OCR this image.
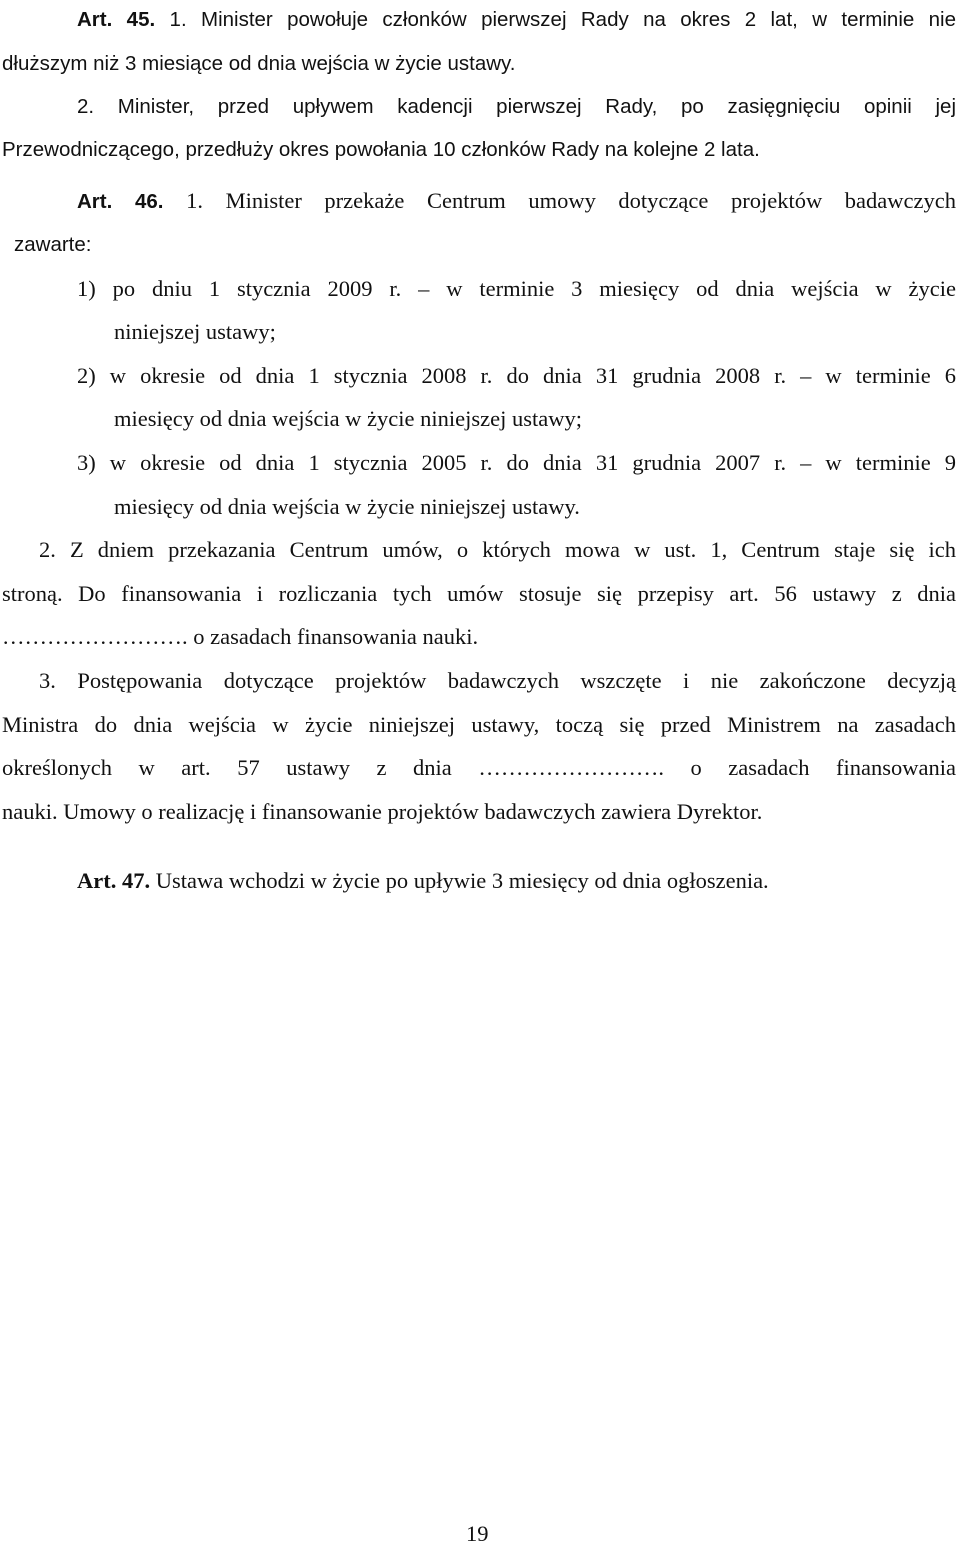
Art. 45. 1. Minister powołuje członków pierwszej Rady na okres 2 lat, w terminie nie
dłuższym niż 3 miesiące od dnia wejścia w życie ustawy.
2. Minister, przed upływem kadencji pierwszej Rady, po zasięgnięciu opinii jej
Przewodniczącego, przedłuży okres powołania 10 członków Rady na kolejne 2 lata.
Art. 46. 1. Minister przekaże Centrum umowy dotyczące projektów badawczych
zawarte:
1) po dniu 1 stycznia 2009 r. – w terminie 3 miesięcy od dnia wejścia w życie
niniejszej ustawy;
2) w okresie od dnia 1 stycznia 2008 r. do dnia 31 grudnia 2008 r. – w terminie 6
miesięcy od dnia wejścia w życie niniejszej ustawy;
3) w okresie od dnia 1 stycznia 2005 r. do dnia 31 grudnia 2007 r. – w terminie 9
miesięcy od dnia wejścia w życie niniejszej ustawy.
2. Z dniem przekazania Centrum umów, o których mowa w ust. 1, Centrum staje się ich
stroną. Do finansowania i rozliczania tych umów stosuje się przepisy art. 56 ustawy z dnia
……………………. o zasadach finansowania nauki.
3. Postępowania dotyczące projektów badawczych wszczęte i nie zakończone decyzją
Ministra do dnia wejścia w życie niniejszej ustawy, toczą się przed Ministrem na zasadach
określonych w art. 57 ustawy z dnia ……………………. o zasadach finansowania
nauki. Umowy o realizację i finansowanie projektów badawczych zawiera Dyrektor.
Art. 47. Ustawa wchodzi w życie po upływie 3 miesięcy od dnia ogłoszenia.
19
